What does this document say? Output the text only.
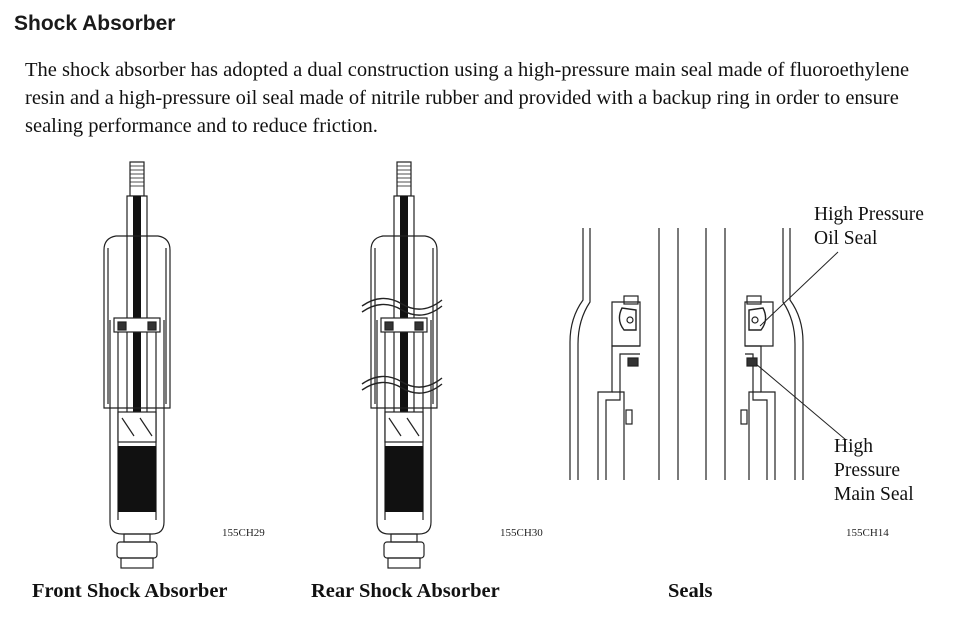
Shock Absorber
The shock absorber has adopted a dual construction using a high-pressure main seal made of fluoroethylene resin and a high-pressure oil seal made of nitrile rubber and provided with a backup ring in order to ensure sealing performance and to reduce friction.
155CH29	155CH30	155CH14
High Pressure
Oil Seal
High
Pressure
Main Seal
Front Shock Absorber	Rear Shock Absorber	Seals
